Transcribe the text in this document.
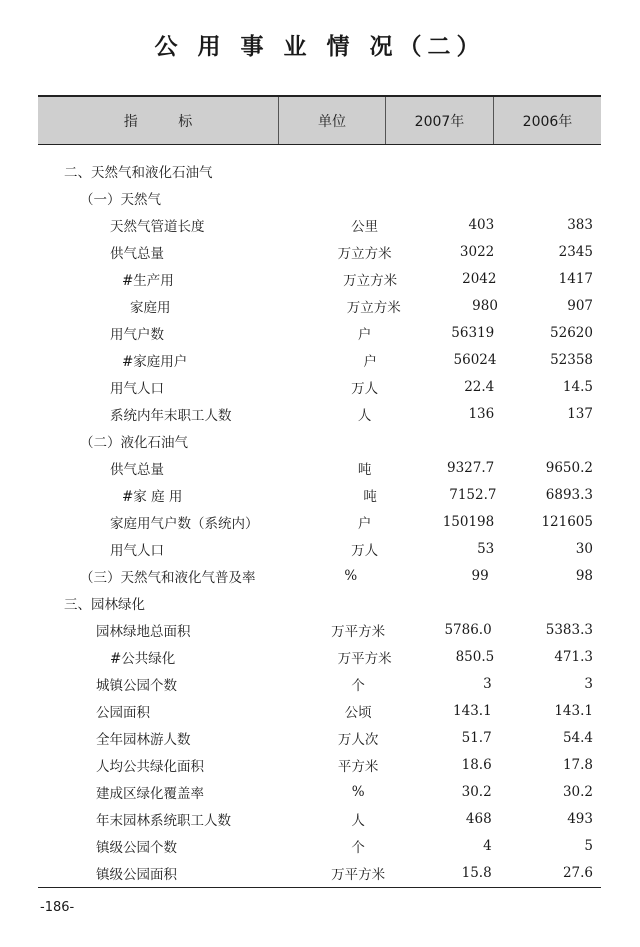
公 用 事 业 情 况（二）
指 标	单位	2007年	2006年
二、天然气和液化石油气
（一）天然气
天然气管道长度	公里	403	383
供气总量	万立方米	3022	2345
#生产用	万立方米	2042	1417
家庭用	万立方米	980	907
用气户数	户	56319	52620
#家庭用户	户	56024	52358
用气人口	万人	22.4	14.5
系统内年末职工人数	人	136	137
（二）液化石油气
供气总量	吨	9327.7	9650.2
#家 庭 用	吨	7152.7	6893.3
家庭用气户数（系统内）	户	150198	121605
用气人口	万人	53	30
（三）天然气和液化气普及率	%	99	98
三、园林绿化
园林绿地总面积	万平方米	5786.0	5383.3
#公共绿化	万平方米	850.5	471.3
城镇公园个数	个	3	3
公园面积	公顷	143.1	143.1
全年园林游人数	万人次	51.7	54.4
人均公共绿化面积	平方米	18.6	17.8
建成区绿化覆盖率	%	30.2	30.2
年末园林系统职工人数	人	468	493
镇级公园个数	个	4	5
镇级公园面积	万平方米	15.8	27.6
-186-
